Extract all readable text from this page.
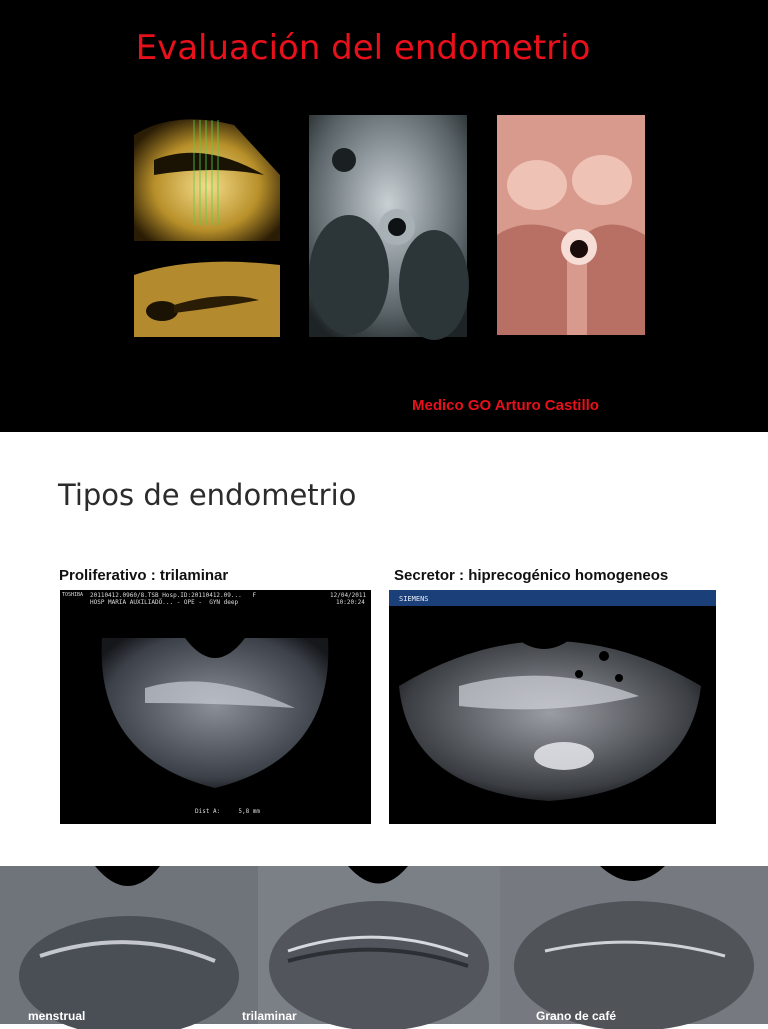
Evaluación del endometrio
Medico GO Arturo Castillo
Tipos de endometrio
Proliferativo : trilaminar	Secretor : hiprecogénico homogeneos
TOSHIBA 20110412.0960/8.TSB_Hosp.ID:20110412.09...   F
HOSP MARIA AUXILIADO... - OPE -  GYN deep
12/04/2011
10:20:24
Dist A:     5,8 mm
SIEMENS
menstrual	trilaminar	Grano de café
